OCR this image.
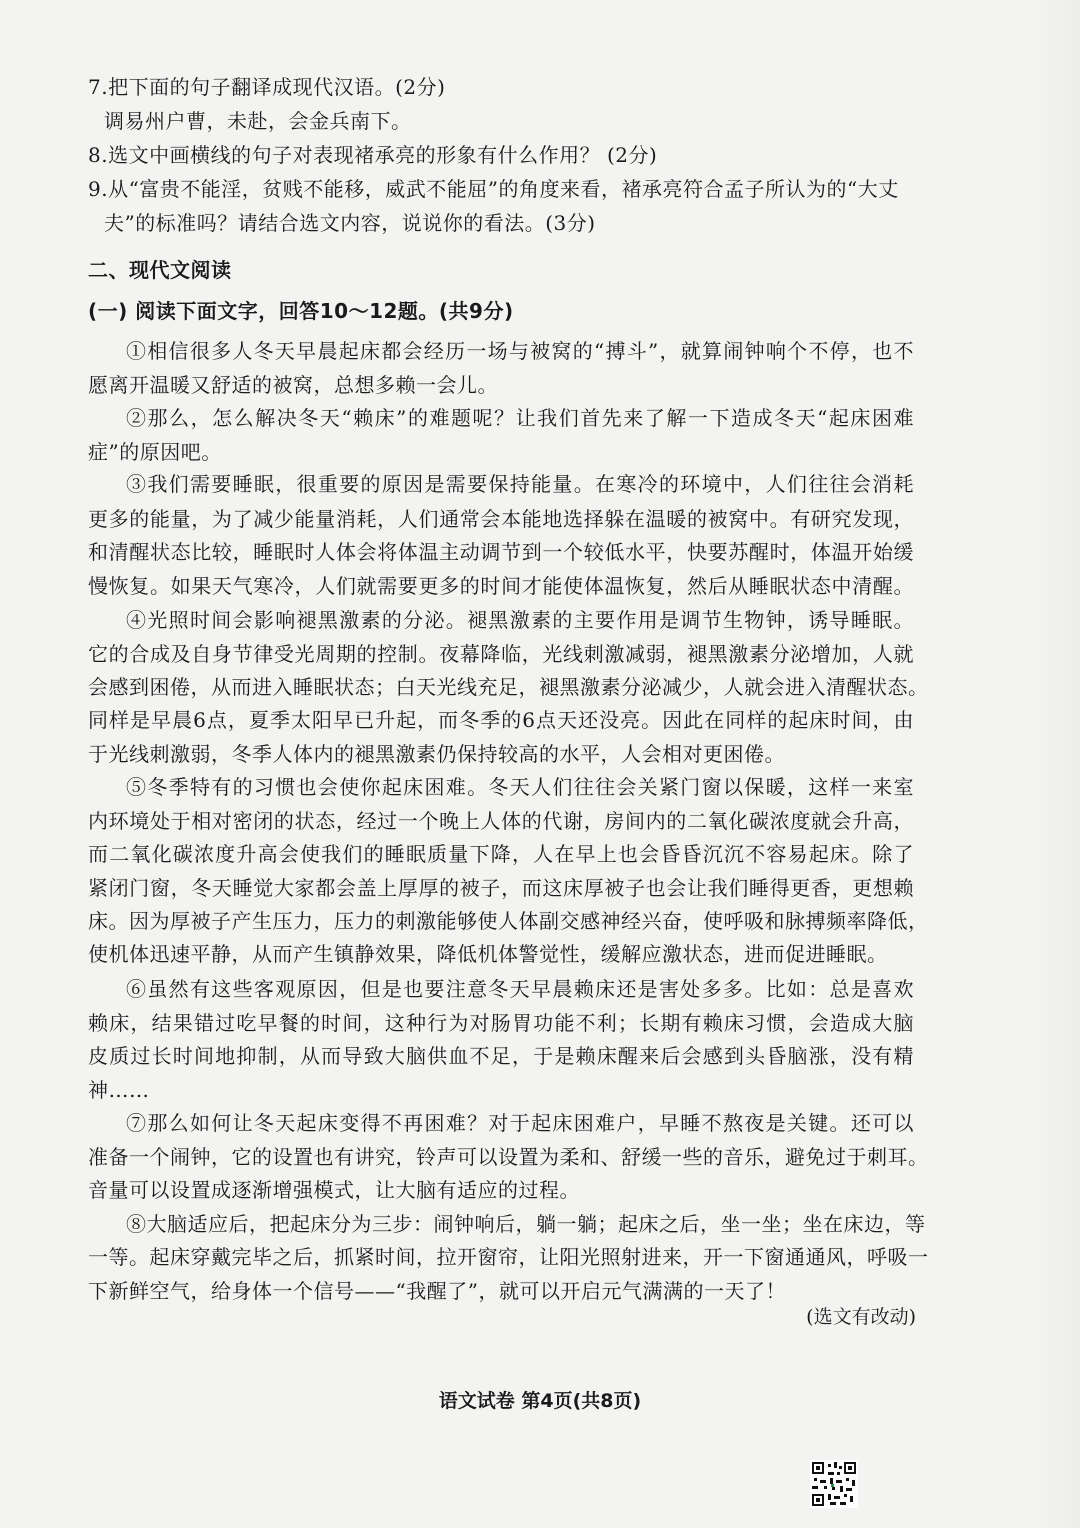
7.把下面的句子翻译成现代汉语。(2分)
调易州户曹，未赴，会金兵南下。
8.选文中画横线的句子对表现褚承亮的形象有什么作用？ (2分)
9.从“富贵不能淫，贫贱不能移，威武不能屈”的角度来看，褚承亮符合孟子所认为的“大丈
夫”的标准吗？请结合选文内容，说说你的看法。(3分)
二、现代文阅读
(一) 阅读下面文字，回答10～12题。(共9分)
①相信很多人冬天早晨起床都会经历一场与被窝的“搏斗”，就算闹钟响个不停，也不
愿离开温暖又舒适的被窝，总想多赖一会儿。
②那么，怎么解决冬天“赖床”的难题呢？让我们首先来了解一下造成冬天“起床困难
症”的原因吧。
③我们需要睡眠，很重要的原因是需要保持能量。在寒冷的环境中，人们往往会消耗
更多的能量，为了减少能量消耗，人们通常会本能地选择躲在温暖的被窝中。有研究发现，
和清醒状态比较，睡眠时人体会将体温主动调节到一个较低水平，快要苏醒时，体温开始缓
慢恢复。如果天气寒冷，人们就需要更多的时间才能使体温恢复，然后从睡眠状态中清醒。
④光照时间会影响褪黑激素的分泌。褪黑激素的主要作用是调节生物钟，诱导睡眠。
它的合成及自身节律受光周期的控制。夜幕降临，光线刺激减弱，褪黑激素分泌增加，人就
会感到困倦，从而进入睡眠状态；白天光线充足，褪黑激素分泌减少，人就会进入清醒状态。
同样是早晨6点，夏季太阳早已升起，而冬季的6点天还没亮。因此在同样的起床时间，由
于光线刺激弱，冬季人体内的褪黑激素仍保持较高的水平，人会相对更困倦。
⑤冬季特有的习惯也会使你起床困难。冬天人们往往会关紧门窗以保暖，这样一来室
内环境处于相对密闭的状态，经过一个晚上人体的代谢，房间内的二氧化碳浓度就会升高，
而二氧化碳浓度升高会使我们的睡眠质量下降，人在早上也会昏昏沉沉不容易起床。除了
紧闭门窗，冬天睡觉大家都会盖上厚厚的被子，而这床厚被子也会让我们睡得更香，更想赖
床。因为厚被子产生压力，压力的刺激能够使人体副交感神经兴奋，使呼吸和脉搏频率降低，
使机体迅速平静，从而产生镇静效果，降低机体警觉性，缓解应激状态，进而促进睡眠。
⑥虽然有这些客观原因，但是也要注意冬天早晨赖床还是害处多多。比如：总是喜欢
赖床，结果错过吃早餐的时间，这种行为对肠胃功能不利；长期有赖床习惯，会造成大脑
皮质过长时间地抑制，从而导致大脑供血不足，于是赖床醒来后会感到头昏脑涨，没有精
神……
⑦那么如何让冬天起床变得不再困难？对于起床困难户，早睡不熬夜是关键。还可以
准备一个闹钟，它的设置也有讲究，铃声可以设置为柔和、舒缓一些的音乐，避免过于刺耳。
音量可以设置成逐渐增强模式，让大脑有适应的过程。
⑧大脑适应后，把起床分为三步：闹钟响后，躺一躺；起床之后，坐一坐；坐在床边，等
一等。起床穿戴完毕之后，抓紧时间，拉开窗帘，让阳光照射进来，开一下窗通通风，呼吸一
下新鲜空气，给身体一个信号——“我醒了”，就可以开启元气满满的一天了！
(选文有改动)
语文试卷 第4页(共8页)
